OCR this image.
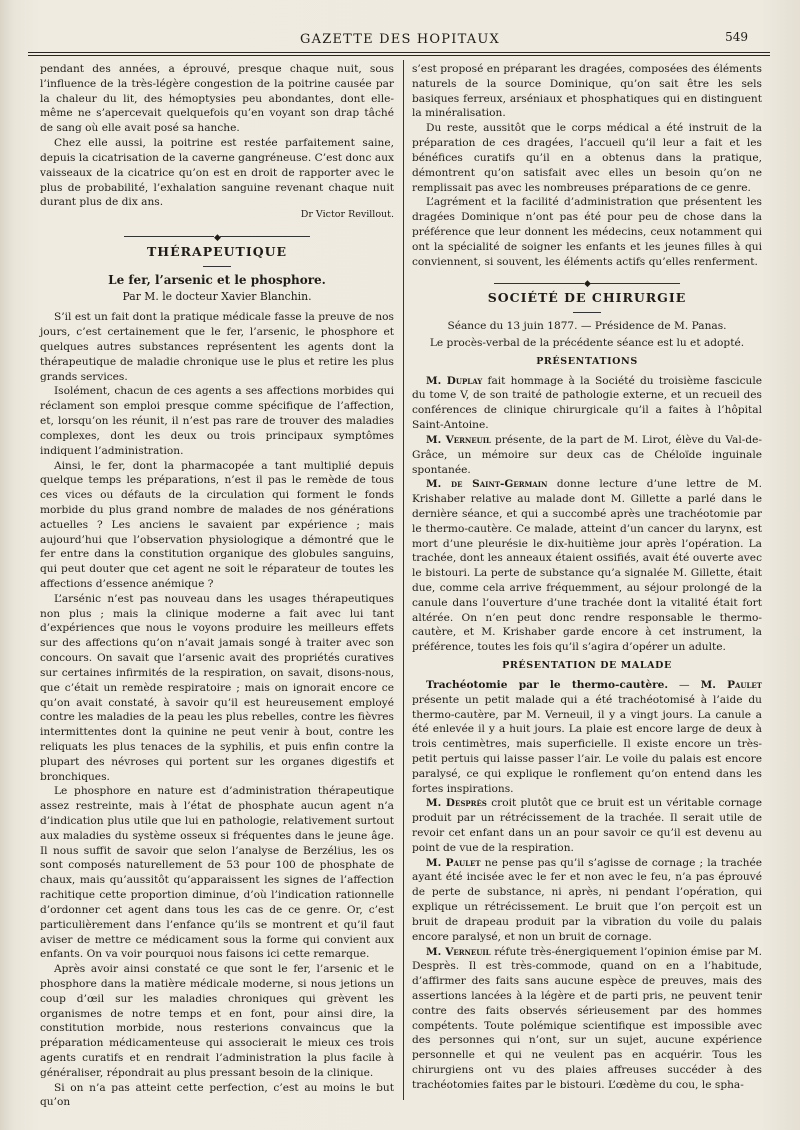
GAZETTE DES HOPITAUX	549

pendant des années, a éprouvé, presque chaque nuit, sous l’influence de la très-légère congestion de la poitrine causée par la chaleur du lit, des hémoptysies peu abondantes, dont elle-même ne s’apercevait quelquefois qu’en voyant son drap tâché de sang où elle avait posé sa hanche.

Chez elle aussi, la poitrine est restée parfaitement saine, depuis la cicatrisation de la caverne gangréneuse. C’est donc aux vaisseaux de la cicatrice qu’on est en droit de rapporter avec le plus de probabilité, l’exhalation sanguine revenant chaque nuit durant plus de dix ans.

Dr Victor Revillout.
◆
THÉRAPEUTIQUE
Le fer, l’arsenic et le phosphore.
Par M. le docteur Xavier Blanchin.

S’il est un fait dont la pratique médicale fasse la preuve de nos jours, c’est certainement que le fer, l’arsenic, le phosphore et quelques autres substances représentent les agents dont la thérapeutique de maladie chronique use le plus et retire les plus grands services.

Isolément, chacun de ces agents a ses affections morbides qui réclament son emploi presque comme spécifique de l’affection, et, lorsqu’on les réunit, il n’est pas rare de trouver des maladies complexes, dont les deux ou trois principaux symptômes indiquent l’administration.

Ainsi, le fer, dont la pharmacopée a tant multiplié depuis quelque temps les préparations, n’est il pas le remède de tous ces vices ou défauts de la circulation qui forment le fonds morbide du plus grand nombre de malades de nos générations actuelles ? Les anciens le savaient par expérience ; mais aujourd’hui que l’observation physiologique a démontré que le fer entre dans la constitution organique des globules sanguins, qui peut douter que cet agent ne soit le réparateur de toutes les affections d’essence anémique ?

L’arsénic n’est pas nouveau dans les usages thérapeutiques non plus ; mais la clinique moderne a fait avec lui tant d’expériences que nous le voyons produire les meilleurs effets sur des affections qu’on n’avait jamais songé à traiter avec son concours. On savait que l’arsenic avait des propriétés curatives sur certaines infirmités de la respiration, on savait, disons-nous, que c’était un remède respiratoire ; mais on ignorait encore ce qu’on avait constaté, à savoir qu’il est heureusement employé contre les maladies de la peau les plus rebelles, contre les fièvres intermittentes dont la quinine ne peut venir à bout, contre les reliquats les plus tenaces de la syphilis, et puis enfin contre la plupart des névroses qui portent sur les organes digestifs et bronchiques.

Le phosphore en nature est d’administration thérapeutique assez restreinte, mais à l’état de phosphate aucun agent n’a d’indication plus utile que lui en pathologie, relativement surtout aux maladies du système osseux si fréquentes dans le jeune âge. Il nous suffit de savoir que selon l’analyse de Berzélius, les os sont composés naturellement de 53 pour 100 de phosphate de chaux, mais qu’aussitôt qu’apparaissent les signes de l’affection rachitique cette proportion diminue, d’où l’indication rationnelle d’ordonner cet agent dans tous les cas de ce genre. Or, c’est particulièrement dans l’enfance qu’ils se montrent et qu’il faut aviser de mettre ce médicament sous la forme qui convient aux enfants. On va voir pourquoi nous faisons ici cette remarque.

Après avoir ainsi constaté ce que sont le fer, l’arsenic et le phosphore dans la matière médicale moderne, si nous jetions un coup d’œil sur les maladies chroniques qui grèvent les organismes de notre temps et en font, pour ainsi dire, la constitution morbide, nous resterions convaincus que la préparation médicamenteuse qui associerait le mieux ces trois agents curatifs et en rendrait l’administration la plus facile à généraliser, répondrait au plus pressant besoin de la clinique.

Si on n’a pas atteint cette perfection, c’est au moins le but qu’on

s’est proposé en préparant les dragées, composées des éléments naturels de la source Dominique, qu’on sait être les sels basiques ferreux, arséniaux et phosphatiques qui en distinguent la minéralisation.

Du reste, aussitôt que le corps médical a été instruit de la préparation de ces dragées, l’accueil qu’il leur a fait et les bénéfices curatifs qu’il en a obtenus dans la pratique, démontrent qu’on satisfait avec elles un besoin qu’on ne remplissait pas avec les nombreuses préparations de ce genre.

L’agrément et la facilité d’administration que présentent les dragées Dominique n’ont pas été pour peu de chose dans la préférence que leur donnent les médecins, ceux notamment qui ont la spécialité de soigner les enfants et les jeunes filles à qui conviennent, si souvent, les éléments actifs qu’elles renferment.

◆
SOCIÉTÉ DE CHIRURGIE

Séance du 13 juin 1877. — Présidence de M. Panas.

Le procès-verbal de la précédente séance est lu et adopté.

PRÉSENTATIONS

M. Duplay fait hommage à la Société du troisième fascicule du tome V, de son traité de pathologie externe, et un recueil des conférences de clinique chirurgicale qu’il a faites à l’hôpital Saint-Antoine.

M. Verneuil présente, de la part de M. Lirot, élève du Val-de-Grâce, un mémoire sur deux cas de Chéloïde inguinale spontanée.

M. de Saint-Germain donne lecture d’une lettre de M. Krishaber relative au malade dont M. Gillette a parlé dans le dernière séance, et qui a succombé après une trachéotomie par le thermo-cautère. Ce malade, atteint d’un cancer du larynx, est mort d’une pleurésie le dix-huitième jour après l’opération. La trachée, dont les anneaux étaient ossifiés, avait été ouverte avec le bistouri. La perte de substance qu’a signalée M. Gillette, était due, comme cela arrive fréquemment, au séjour prolongé de la canule dans l’ouverture d’une trachée dont la vitalité était fort altérée. On n’en peut donc rendre responsable le thermo-cautère, et M. Krishaber garde encore à cet instrument, la préférence, toutes les fois qu’il s’agira d’opérer un adulte.

PRÉSENTATION DE MALADE

Trachéotomie par le thermo-cautère. — M. Paulet présente un petit malade qui a été trachéotomisé à l’aide du thermo-cautère, par M. Verneuil, il y a vingt jours. La canule a été enlevée il y a huit jours. La plaie est encore large de deux à trois centimètres, mais superficielle. Il existe encore un très-petit pertuis qui laisse passer l’air. Le voile du palais est encore paralysé, ce qui explique le ronflement qu’on entend dans les fortes inspirations.

M. Desprès croit plutôt que ce bruit est un véritable cornage produit par un rétrécissement de la trachée. Il serait utile de revoir cet enfant dans un an pour savoir ce qu’il est devenu au point de vue de la respiration.

M. Paulet ne pense pas qu’il s’agisse de cornage ; la trachée ayant été incisée avec le fer et non avec le feu, n’a pas éprouvé de perte de substance, ni après, ni pendant l’opération, qui explique un rétrécissement. Le bruit que l’on perçoit est un bruit de drapeau produit par la vibration du voile du palais encore paralysé, et non un bruit de cornage.

M. Verneuil réfute très-énergiquement l’opinion émise par M. Desprès. Il est très-commode, quand on en a l’habitude, d’affirmer des faits sans aucune espèce de preuves, mais des assertions lancées à la légère et de parti pris, ne peuvent tenir contre des faits observés sérieusement par des hommes compétents. Toute polémique scientifique est impossible avec des personnes qui n’ont, sur un sujet, aucune expérience personnelle et qui ne veulent pas en acquérir. Tous les chirurgiens ont vu des plaies affreuses succéder à des trachéotomies faites par le bistouri. L’œdème du cou, le spha-
